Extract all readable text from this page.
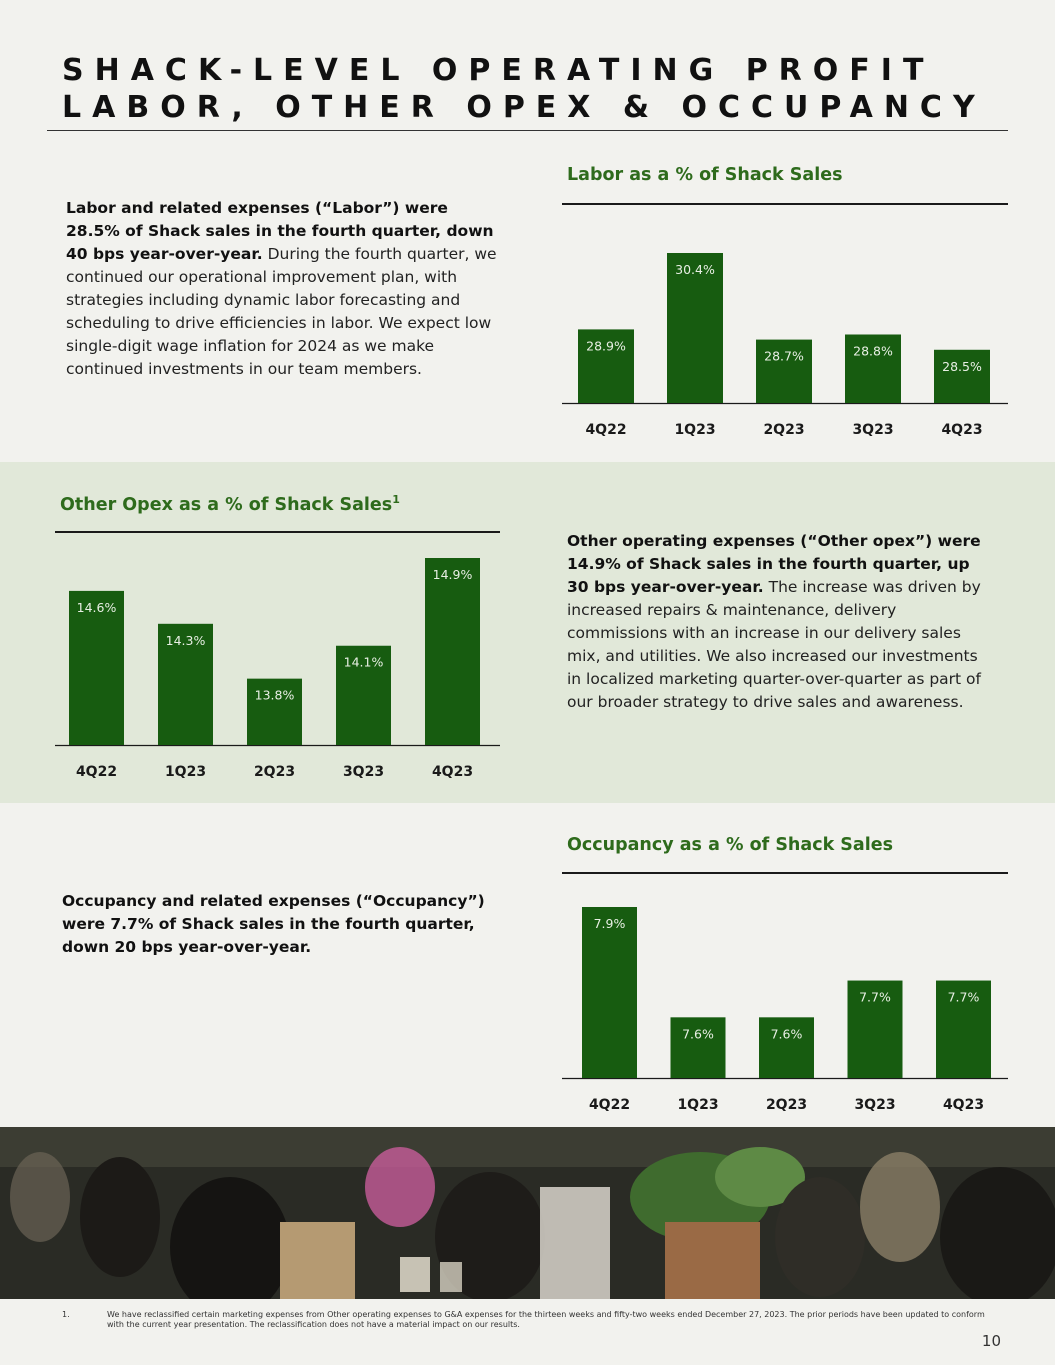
SHACK-LEVEL OPERATING PROFIT
LABOR, OTHER OPEX & OCCUPANCY
Labor and related expenses (“Labor”) were 28.5% of Shack sales in the fourth quarter, down 40 bps year-over-year. During the fourth quarter, we continued our operational improvement plan, with strategies including dynamic labor forecasting and scheduling to drive efficiencies in labor. We expect low single-digit wage inflation for 2024 as we make continued investments in our team members.
Labor as a % of Shack Sales
28.9%
4Q22
30.4%
1Q23
28.7%
2Q23
28.8%
3Q23
28.5%
4Q23
Other Opex as a % of Shack Sales$^1$
14.6%
4Q22
14.3%
1Q23
13.8%
2Q23
14.1%
3Q23
14.9%
4Q23
Other operating expenses (“Other opex”) were 14.9% of Shack sales in the fourth quarter, up 30 bps year-over-year. The increase was driven by increased repairs & maintenance, delivery commissions with an increase in our delivery sales mix, and utilities. We also increased our investments in localized marketing quarter-over-quarter as part of our broader strategy to drive sales and awareness.
Occupancy and related expenses (“Occupancy”) were 7.7% of Shack sales in the fourth quarter, down 20 bps year-over-year.
Occupancy as a % of Shack Sales
7.9%
4Q22
7.6%
1Q23
7.6%
2Q23
7.7%
3Q23
7.7%
4Q23
1.	We have reclassified certain marketing expenses from Other operating expenses to G&A expenses for the thirteen weeks and fifty-two weeks ended December 27, 2023. The prior periods have been updated to conform with the current year presentation. The reclassification does not have a material impact on our results.
10
